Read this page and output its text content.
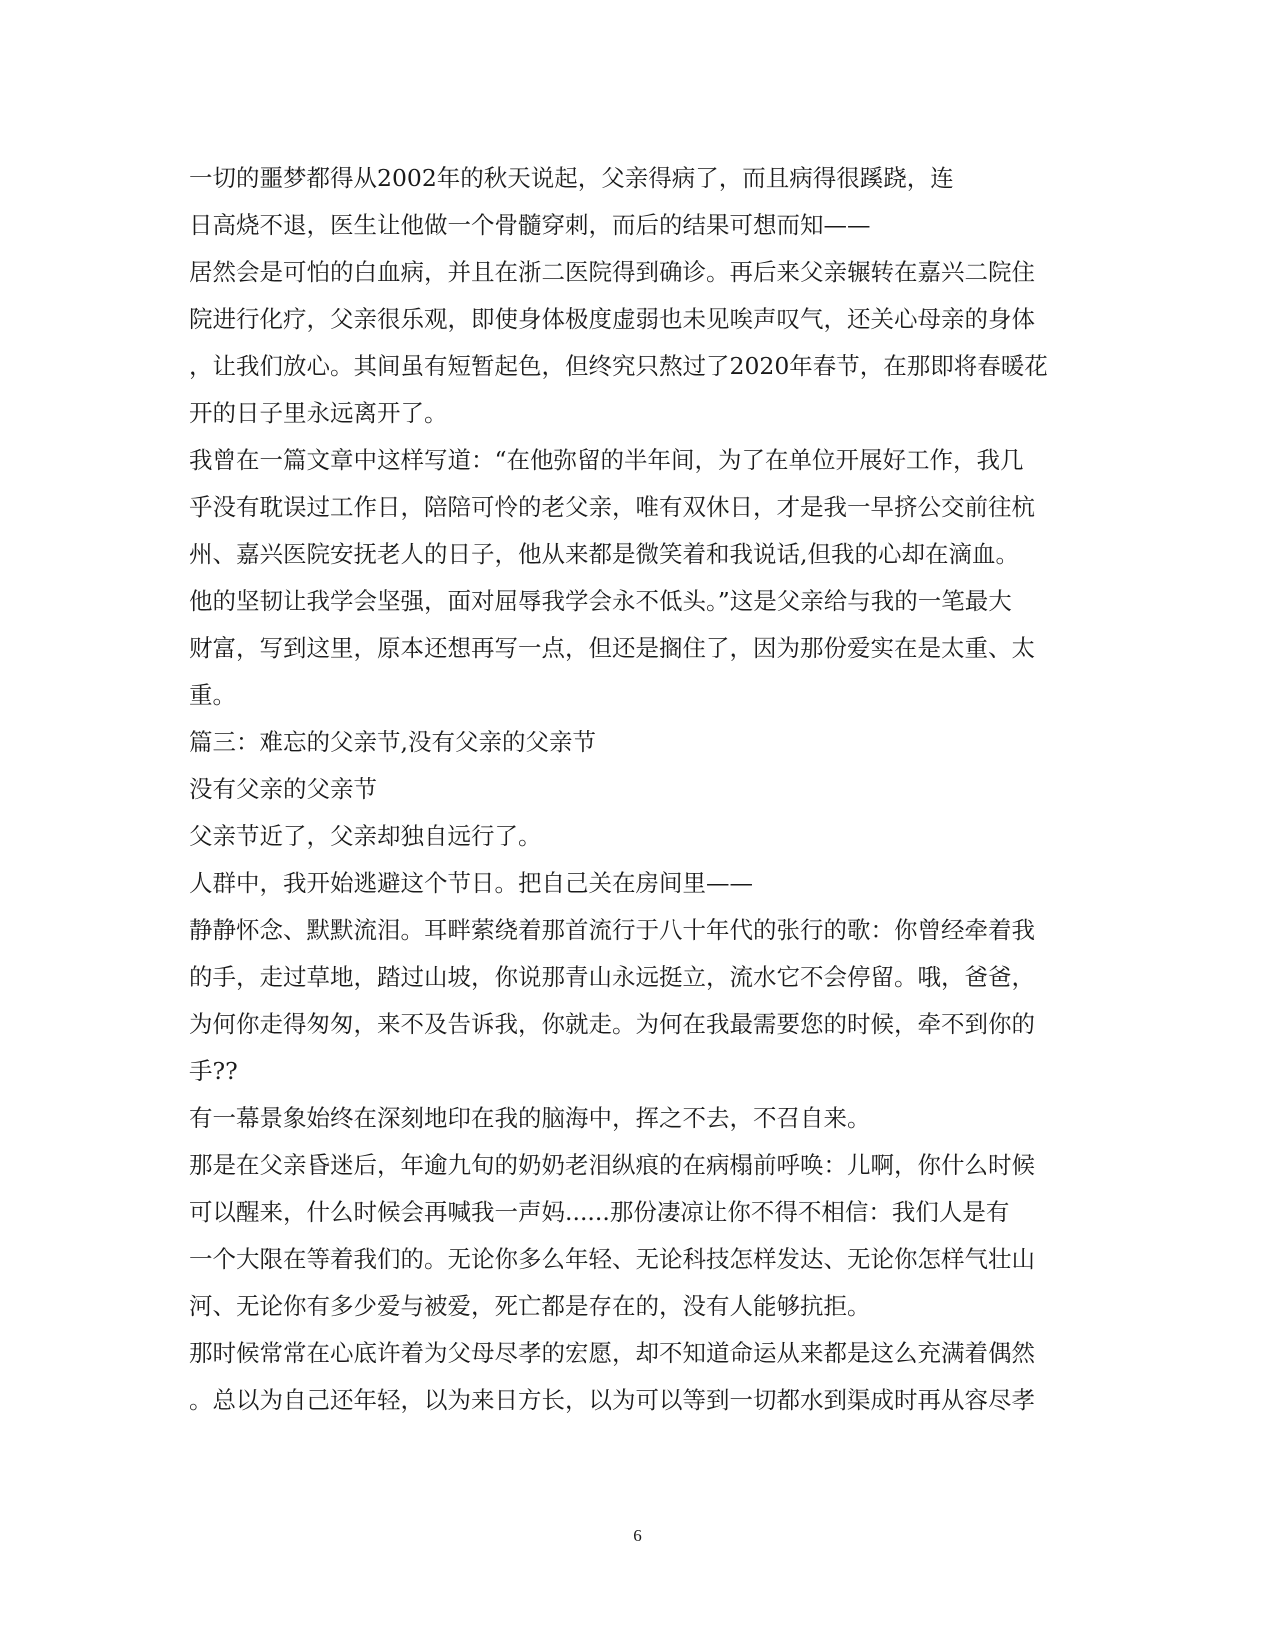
一切的噩梦都得从2002年的秋天说起，父亲得病了，而且病得很蹊跷，连
日高烧不退，医生让他做一个骨髓穿刺，而后的结果可想而知——
居然会是可怕的白血病，并且在浙二医院得到确诊。再后来父亲辗转在嘉兴二院住
院进行化疗，父亲很乐观，即使身体极度虚弱也未见唉声叹气，还关心母亲的身体
，让我们放心。其间虽有短暂起色，但终究只熬过了2020年春节，在那即将春暖花
开的日子里永远离开了。
我曾在一篇文章中这样写道：“在他弥留的半年间，为了在单位开展好工作，我几
乎没有耽误过工作日，陪陪可怜的老父亲，唯有双休日，才是我一早挤公交前往杭
州、嘉兴医院安抚老人的日子，他从来都是微笑着和我说话,但我的心却在滴血。
他的坚韧让我学会坚强，面对屈辱我学会永不低头。”这是父亲给与我的一笔最大
财富，写到这里，原本还想再写一点，但还是搁住了，因为那份爱实在是太重、太
重。
篇三：难忘的父亲节,没有父亲的父亲节
没有父亲的父亲节
父亲节近了，父亲却独自远行了。
人群中，我开始逃避这个节日。把自己关在房间里——
静静怀念、默默流泪。耳畔萦绕着那首流行于八十年代的张行的歌：你曾经牵着我
的手，走过草地，踏过山坡，你说那青山永远挺立，流水它不会停留。哦，爸爸，
为何你走得匆匆，来不及告诉我，你就走。为何在我最需要您的时候，牵不到你的
手??
有一幕景象始终在深刻地印在我的脑海中，挥之不去，不召自来。
那是在父亲昏迷后，年逾九旬的奶奶老泪纵痕的在病榻前呼唤：儿啊，你什么时候
可以醒来，什么时候会再喊我一声妈......那份凄凉让你不得不相信：我们人是有
一个大限在等着我们的。无论你多么年轻、无论科技怎样发达、无论你怎样气壮山
河、无论你有多少爱与被爱，死亡都是存在的，没有人能够抗拒。
那时候常常在心底许着为父母尽孝的宏愿，却不知道命运从来都是这么充满着偶然
。总以为自己还年轻，以为来日方长，以为可以等到一切都水到渠成时再从容尽孝
6
